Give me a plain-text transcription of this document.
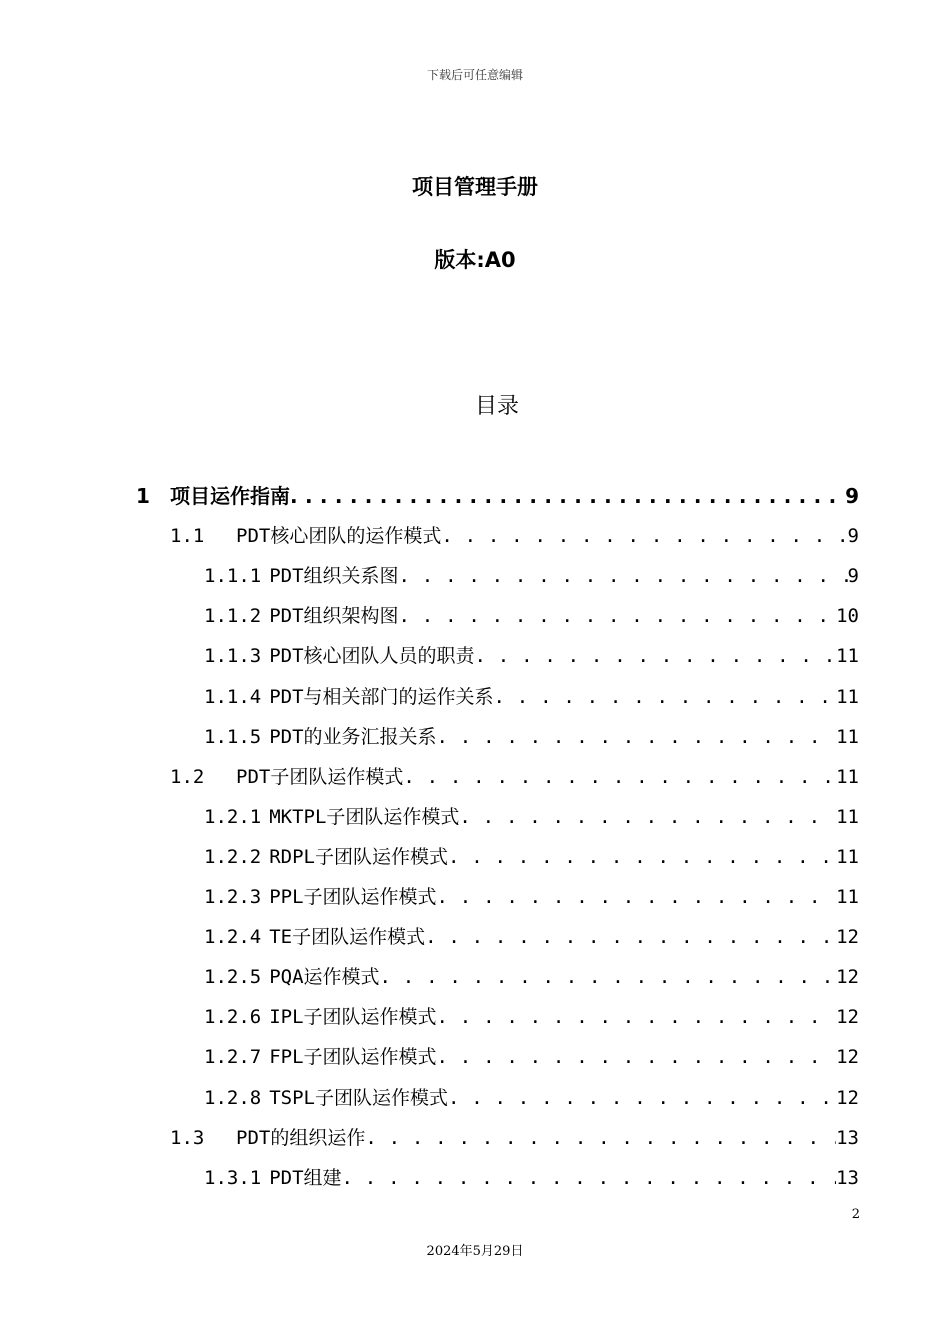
下载后可任意编辑
项目管理手册
版本:A0
目录
1	项目运作指南 . . .	9
1.1	PDT核心团队的运作模式 . . .	9
1.1.1 PDT组织关系图 . . .	9
1.1.2 PDT组织架构图 . . .	10
1.1.3 PDT核心团队人员的职责 . . .	11
1.1.4 PDT与相关部门的运作关系 . . .	11
1.1.5 PDT的业务汇报关系 . . .	11
1.2	PDT子团队运作模式 . . .	11
1.2.1 MKTPL子团队运作模式 . . .	11
1.2.2 RDPL子团队运作模式 . . .	11
1.2.3 PPL子团队运作模式 . . .	11
1.2.4 TE子团队运作模式 . . .	12
1.2.5 PQA运作模式 . . .	12
1.2.6 IPL子团队运作模式 . . .	12
1.2.7 FPL子团队运作模式 . . .	12
1.2.8 TSPL子团队运作模式 . . .	12
1.3	PDT的组织运作 . . .	13
1.3.1 PDT组建 . . .	13
2
2024年5月29日
